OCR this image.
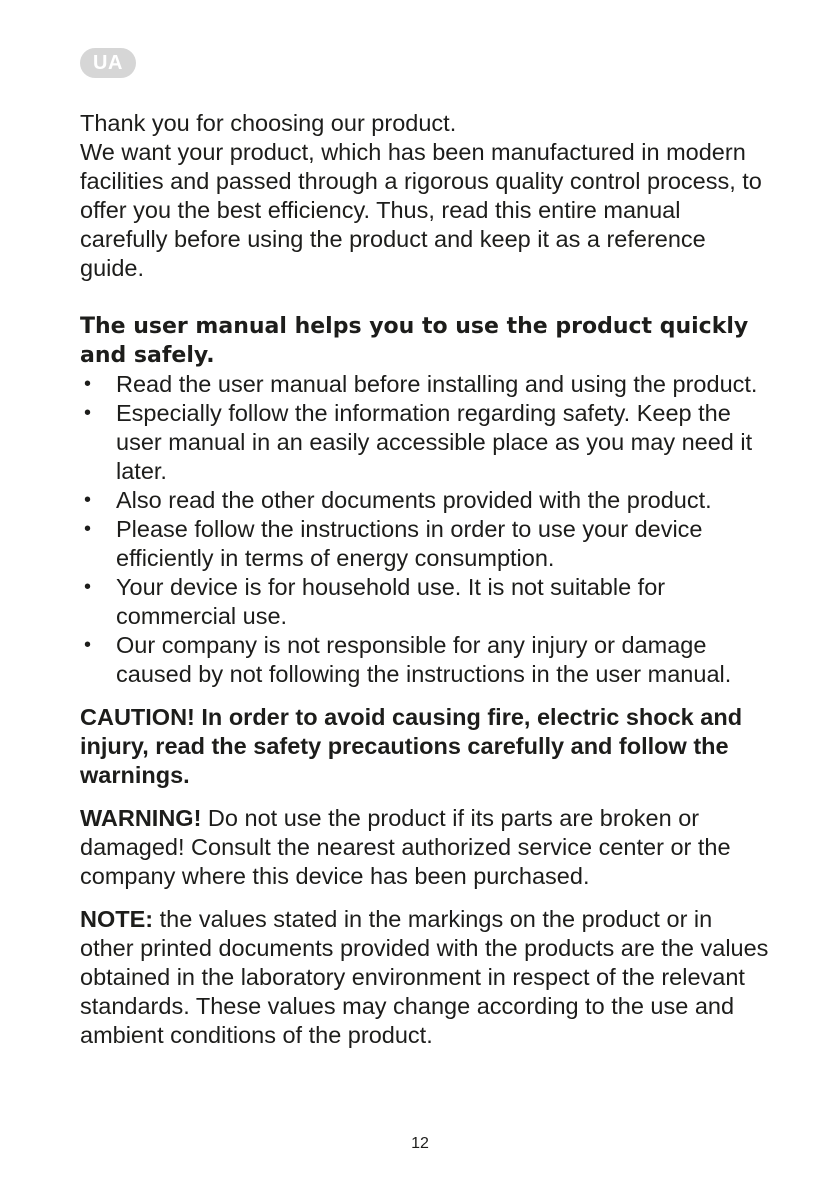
UA

Thank you for choosing our product.

We want your product, which has been manufactured in modern facilities and passed through a rigorous quality control process, to offer you the best efficiency. Thus, read this entire manual carefully before using the product and keep it as a reference guide.

The user manual helps you to use the product quickly and safely.

• Read the user manual before installing and using the product.
• Especially follow the information regarding safety. Keep the user manual in an easily accessible place as you may need it later.
• Also read the other documents provided with the product.
• Please follow the instructions in order to use your device efficiently in terms of energy consumption.
• Your device is for household use. It is not suitable for commercial use.
• Our company is not responsible for any injury or damage caused by not following the instructions in the user manual.

CAUTION! In order to avoid causing fire, electric shock and injury, read the safety precautions carefully and follow the warnings.

WARNING! Do not use the product if its parts are broken or damaged! Consult the nearest authorized service center or the company where this device has been purchased.

NOTE: the values stated in the markings on the product or in other printed documents provided with the products are the values obtained in the laboratory environment in respect of the relevant standards. These values may change according to the use and ambient conditions of the product.

12
